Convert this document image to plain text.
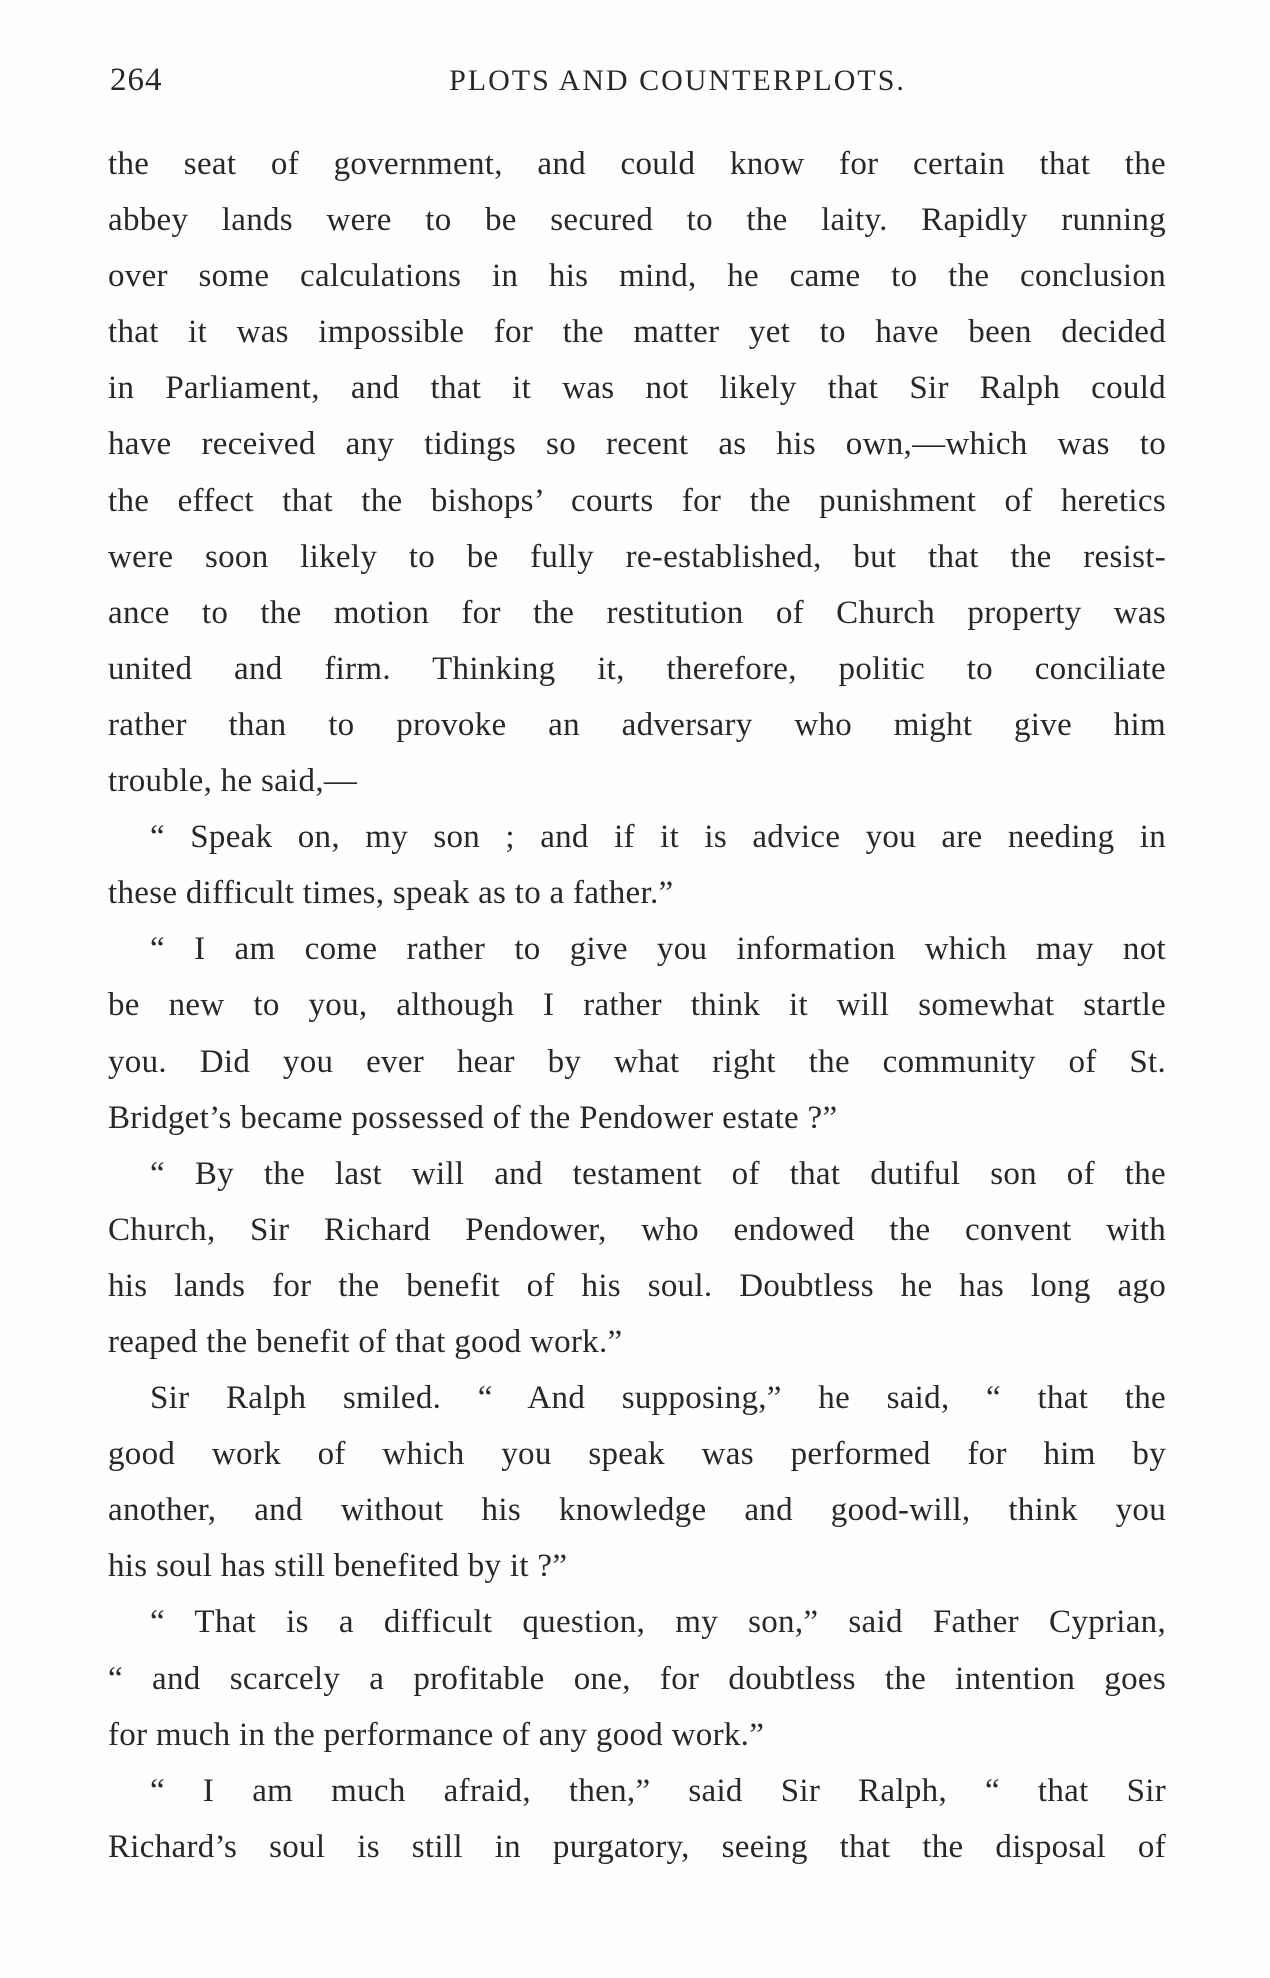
264	PLOTS AND COUNTERPLOTS.
the seat of government, and could know for certain that the
abbey lands were to be secured to the laity. Rapidly running
over some calculations in his mind, he came to the conclusion
that it was impossible for the matter yet to have been decided
in Parliament, and that it was not likely that Sir Ralph could
have received any tidings so recent as his own,—which was to
the effect that the bishops’ courts for the punishment of heretics
were soon likely to be fully re-established, but that the resist-
ance to the motion for the restitution of Church property was
united and firm. Thinking it, therefore, politic to conciliate
rather than to provoke an adversary who might give him
trouble, he said,—
“ Speak on, my son ; and if it is advice you are needing in
these difficult times, speak as to a father.”
“ I am come rather to give you information which may not
be new to you, although I rather think it will somewhat startle
you. Did you ever hear by what right the community of St.
Bridget’s became possessed of the Pendower estate ?”
“ By the last will and testament of that dutiful son of the
Church, Sir Richard Pendower, who endowed the convent with
his lands for the benefit of his soul. Doubtless he has long ago
reaped the benefit of that good work.”
Sir Ralph smiled. “ And supposing,” he said, “ that the
good work of which you speak was performed for him by
another, and without his knowledge and good-will, think you
his soul has still benefited by it ?”
“ That is a difficult question, my son,” said Father Cyprian,
“ and scarcely a profitable one, for doubtless the intention goes
for much in the performance of any good work.”
“ I am much afraid, then,” said Sir Ralph, “ that Sir
Richard’s soul is still in purgatory, seeing that the disposal of
